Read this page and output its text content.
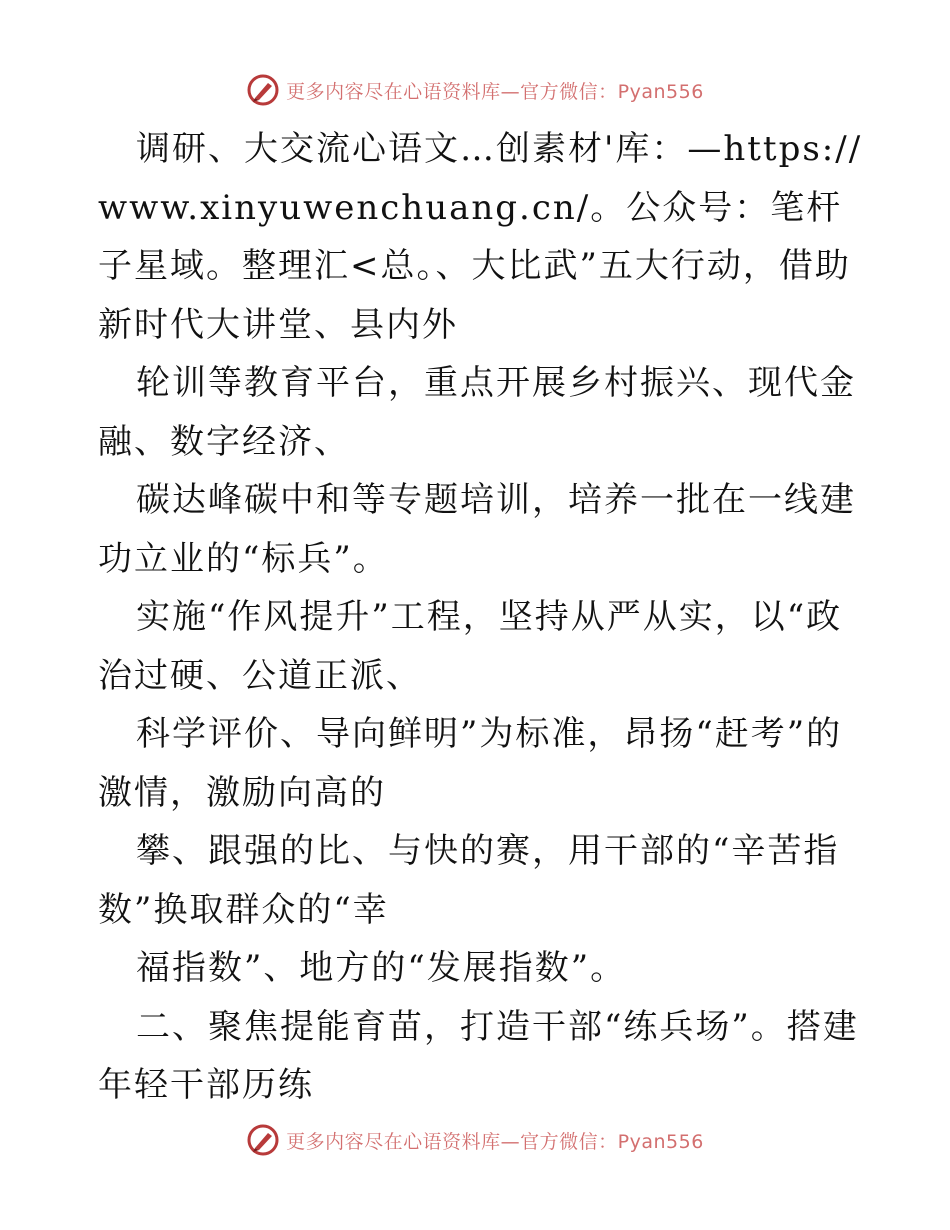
更多内容尽在心语资料库—官方微信：Pyan556

调研、大交流心语文…创素材'库：—https://www.xinyuwenchuang.cn/。公众号：笔杆子星域。整理汇<总。、大比武”五大行动，借助新时代大讲堂、县内外

轮训等教育平台，重点开展乡村振兴、现代金融、数字经济、

碳达峰碳中和等专题培训，培养一批在一线建功立业的“标兵”。

实施“作风提升”工程，坚持从严从实，以“政治过硬、公道正派、

科学评价、导向鲜明”为标准，昂扬“赶考”的激情，激励向高的

攀、跟强的比、与快的赛，用干部的“辛苦指数”换取群众的“幸

福指数”、地方的“发展指数”。

二、聚焦提能育苗，打造干部“练兵场”。搭建年轻干部历练

更多内容尽在心语资料库—官方微信：Pyan556
